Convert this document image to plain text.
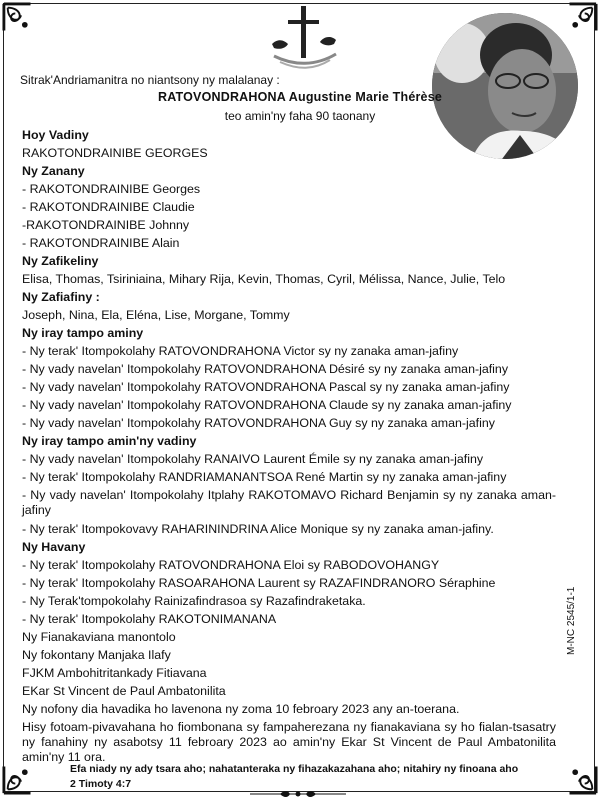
Sitrak'Andriamanitra no niantsony ny malalanay :
RATOVONDRAHONA Augustine Marie Thérèse
teo amin'ny faha 90 taonany
Hoy Vadiny
RAKOTONDRAINIBE GEORGES
Ny Zanany
- RAKOTONDRAINIBE Georges
- RAKOTONDRAINIBE Claudie
-RAKOTONDRAINIBE Johnny
- RAKOTONDRAINIBE Alain
Ny Zafikeliny
Elisa, Thomas, Tsiriniaina, Mihary Rija, Kevin, Thomas, Cyril, Mélissa, Nance, Julie, Telo
Ny Zafiafiny :
Joseph, Nina, Ela, Eléna, Lise, Morgane, Tommy
Ny iray tampo aminy
- Ny terak' Itompokolahy RATOVONDRAHONA Victor sy ny zanaka aman-jafiny
- Ny vady navelan' Itompokolahy RATOVONDRAHONA Désiré sy ny zanaka aman-jafiny
- Ny vady navelan' Itompokolahy RATOVONDRAHONA Pascal sy ny zanaka aman-jafiny
- Ny vady navelan' Itompokolahy RATOVONDRAHONA Claude sy ny zanaka aman-jafiny
- Ny vady navelan' Itompokolahy RATOVONDRAHONA Guy sy ny zanaka aman-jafiny
Ny iray tampo amin'ny vadiny
- Ny vady navelan' Itompokolahy RANAIVO Laurent Émile sy ny zanaka aman-jafiny
- Ny terak' Itompokolahy RANDRIAMANANTSOA René Martin sy ny zanaka aman-jafiny
- Ny vady navelan' Itompokolahy Itplahy RAKOTOMAVO Richard Benjamin sy ny zanaka aman-jafiny
- Ny terak' Itompokovavy RAHARININDRINA Alice Monique sy ny zanaka aman-jafiny.
Ny Havany
- Ny terak' Itompokolahy RATOVONDRAHONA Eloi sy RABODOVOHANGY
- Ny terak' Itompokolahy RASOARAHONA Laurent sy RAZAFINDRANORO Séraphine
- Ny Terak'tompokolahy Rainizafindrasoa sy Razafindraketaka.
- Ny terak' Itompokolahy RAKOTONIMANANA
Ny Fianakaviana manontolo
Ny fokontany Manjaka Ilafy
FJKM Ambohitritankady Fitiavana
EKar St Vincent de Paul Ambatonilita
Ny nofony dia havadika ho lavenona ny zoma 10 febroary 2023 any an-toerana.
Hisy fotoam-pivavahana ho fiombonana sy fampaherezana ny fianakaviana sy ho fialan-tsasatry ny fanahiny ny asabotsy 11 febroary 2023 ao amin'ny Ekar St Vincent de Paul Ambatonilita amin'ny 11 ora.
Efa niady ny ady tsara aho; nahatanteraka ny fihazakazahana aho; nitahiry ny finoana aho
2 Timoty 4:7
M-NC 2545/1-1
